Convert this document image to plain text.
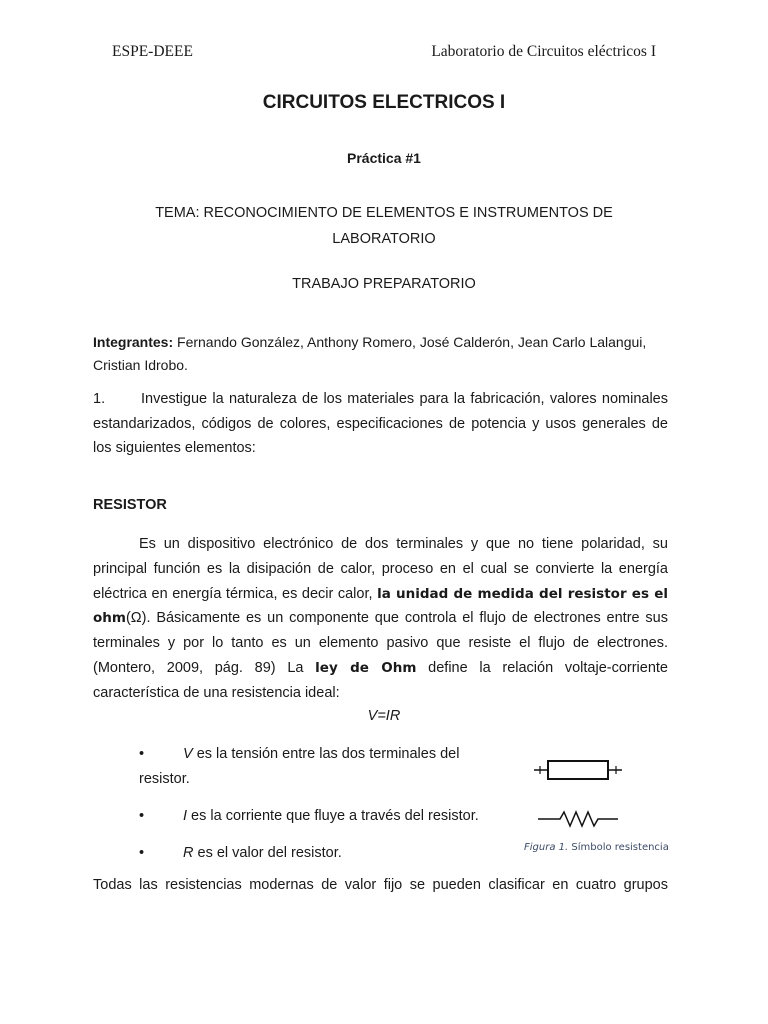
ESPE-DEEE	Laboratorio de Circuitos eléctricos I
CIRCUITOS ELECTRICOS I
Práctica #1
TEMA: RECONOCIMIENTO DE ELEMENTOS E INSTRUMENTOS DE LABORATORIO
TRABAJO PREPARATORIO
Integrantes: Fernando González, Anthony Romero, José Calderón, Jean Carlo Lalangui, Cristian Idrobo.
1. Investigue la naturaleza de los materiales para la fabricación, valores nominales estandarizados, códigos de colores, especificaciones de potencia y usos generales de los siguientes elementos:
RESISTOR

Es un dispositivo electrónico de dos terminales y que no tiene polaridad, su principal función es la disipación de calor, proceso en el cual se convierte la energía eléctrica en energía térmica, es decir calor, la unidad de medida del resistor es el ohm(Ω). Básicamente es un componente que controla el flujo de electrones entre sus terminales y por lo tanto es un elemento pasivo que resiste el flujo de electrones. (Montero, 2009, pág. 89) La ley de Ohm define la relación voltaje-corriente característica de una resistencia ideal:

V=IR
•	V es la tensión entre las dos terminales del resistor.
•	I es la corriente que fluye a través del resistor.
•	R es el valor del resistor.	Figura 1. Símbolo resistencia
Todas las resistencias modernas de valor fijo se pueden clasificar en cuatro grupos
